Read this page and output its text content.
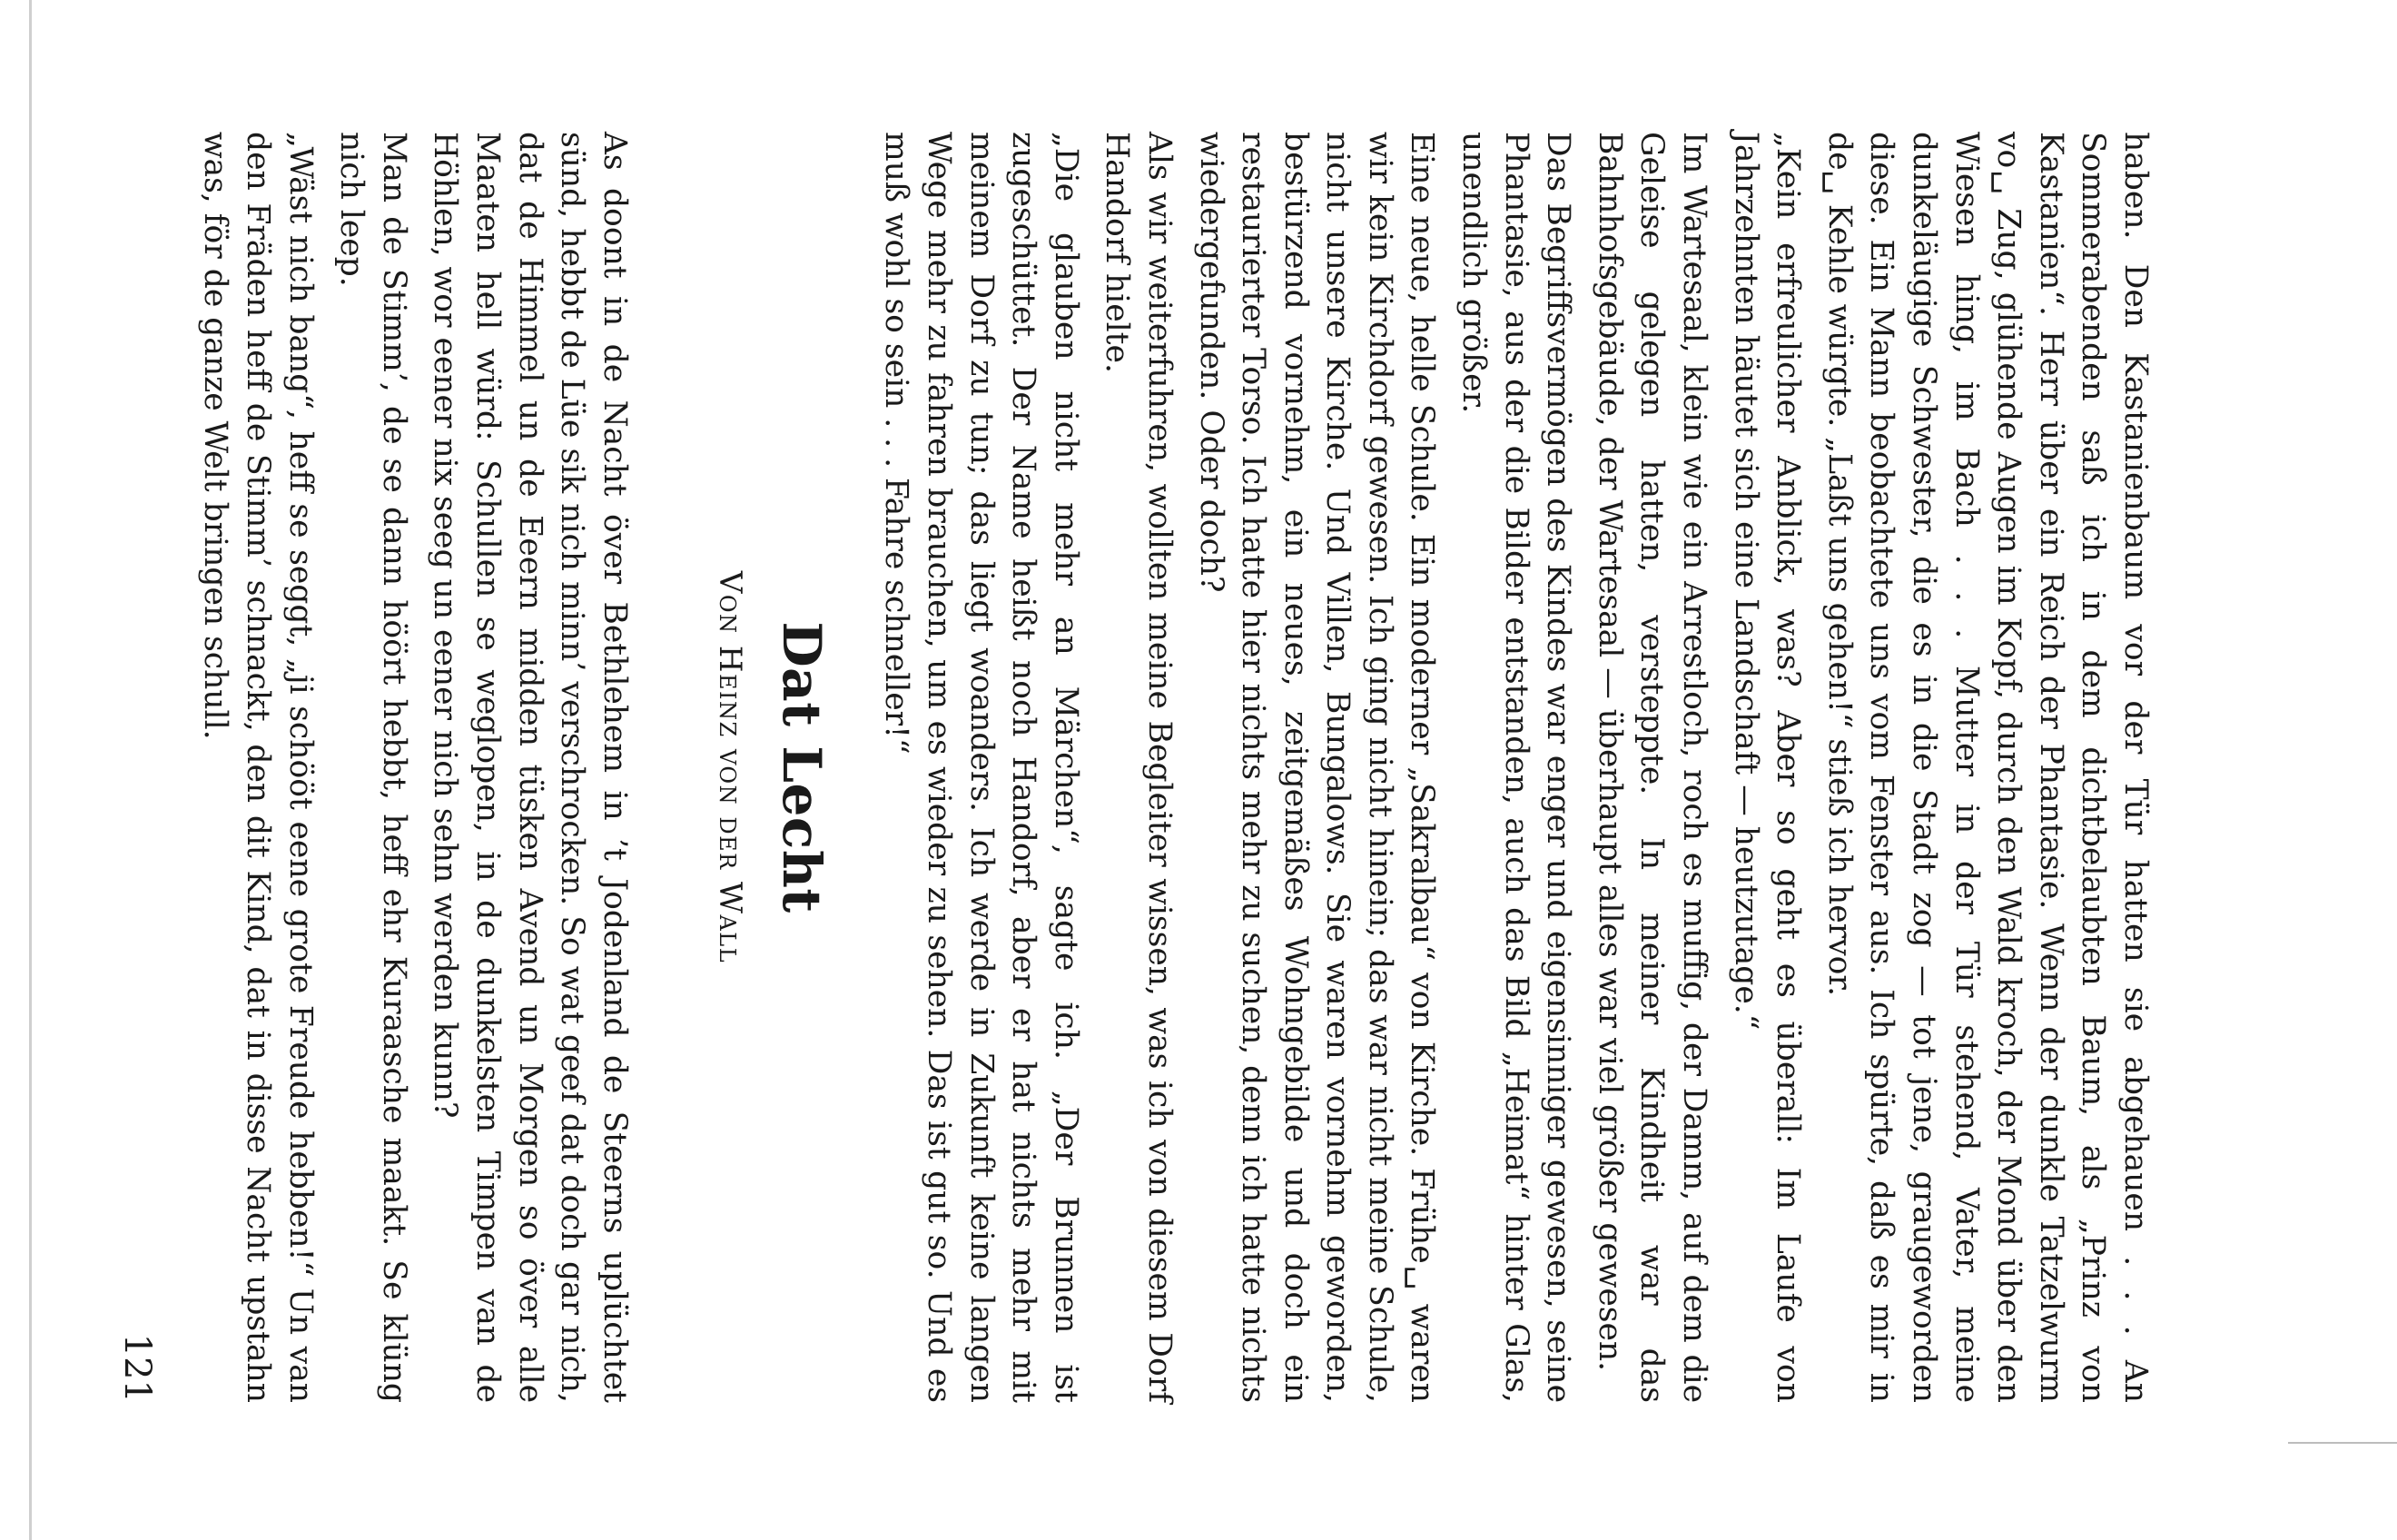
haben. Den Kastanienbaum vor der Tür hatten sie abgehauen . . . An Sommerabenden saß ich in dem dichtbelaubten Baum, als „Prinz von Kastanien“. Herr über ein Reich der Phantasie. Wenn der dunkle Tatzelwurm vo␣ Zug, glühende Augen im Kopf, durch den Wald kroch, der Mond über den Wiesen hing, im Bach . . . Mutter in der Tür stehend, Vater, meine dunkeläugige Schwester, die es in die Stadt zog — tot jene, graugeworden diese. Ein Mann beobachtete uns vom Fenster aus. Ich spürte, daß es mir in de␣ Kehle würgte. „Laßt uns gehen!“ stieß ich hervor.

„Kein erfreulicher Anblick, was? Aber so geht es überall: Im Laufe von Jahrzehnten häutet sich eine Landschaft — heutzutage.“

Im Wartesaal, klein wie ein Arrestloch, roch es muffig, der Damm, auf dem die Geleise gelegen hatten, versteppte. In meiner Kindheit war das Bahnhofsgebäude, der Wartesaal — überhaupt alles war viel größer gewesen.

Das Begriffsvermögen des Kindes war enger und eigensinniger gewesen, seine Phantasie, aus der die Bilder entstanden, auch das Bild „Heimat“ hinter Glas, unendlich größer.

Eine neue, helle Schule. Ein moderner „Sakralbau“ von Kirche. Frühe␣ waren wir kein Kirchdorf gewesen. Ich ging nicht hinein; das war nicht meine Schule, nicht unsere Kirche. Und Villen, Bungalows. Sie waren vornehm geworden, bestürzend vornehm, ein neues, zeitgemäßes Wohngebilde und doch ein restaurierter Torso. Ich hatte hier nichts mehr zu suchen, denn ich hatte nichts wiedergefunden. Oder doch?

Als wir weiterfuhren, wollten meine Begleiter wissen, was ich von diesem Dorf Handorf hielte.

„Die glauben nicht mehr an Märchen“, sagte ich. „Der Brunnen ist zugeschüttet. Der Name heißt noch Handorf, aber er hat nichts mehr mit meinem Dorf zu tun; das liegt woanders. Ich werde in Zukunft keine langen Wege mehr zu fahren brauchen, um es wieder zu sehen. Das ist gut so. Und es muß wohl so sein . . . Fahre schneller!“

Dat Lecht
Von Heinz von der Wall

As doont in de Nacht över Bethlehem in ’t Jodenland de Steerns uplüchtet sünd, hebbt de Lüe sik nich minn’ verschrocken. So wat geef dat doch gar nich, dat de Himmel un de Eeern midden tüsken Avend un Morgen so över alle Maaten hell würd: Schullen se weglopen, in de dunkelsten Timpen van de Höhlen, wor eener nix seeg un eener nich sehn werden kunn?

Man de Stimm’, de se dann höört hebbt, heff ehr Kuraasche maakt. Se klüng nich leep.

„Wäst nich bang“, heff se seggt, „ji schööt eene grote Freude hebben!“ Un van den Fräden heff de Stimm’ schnackt, den dit Kind, dat in disse Nacht upstahn was, för de ganze Welt bringen schull.

121
